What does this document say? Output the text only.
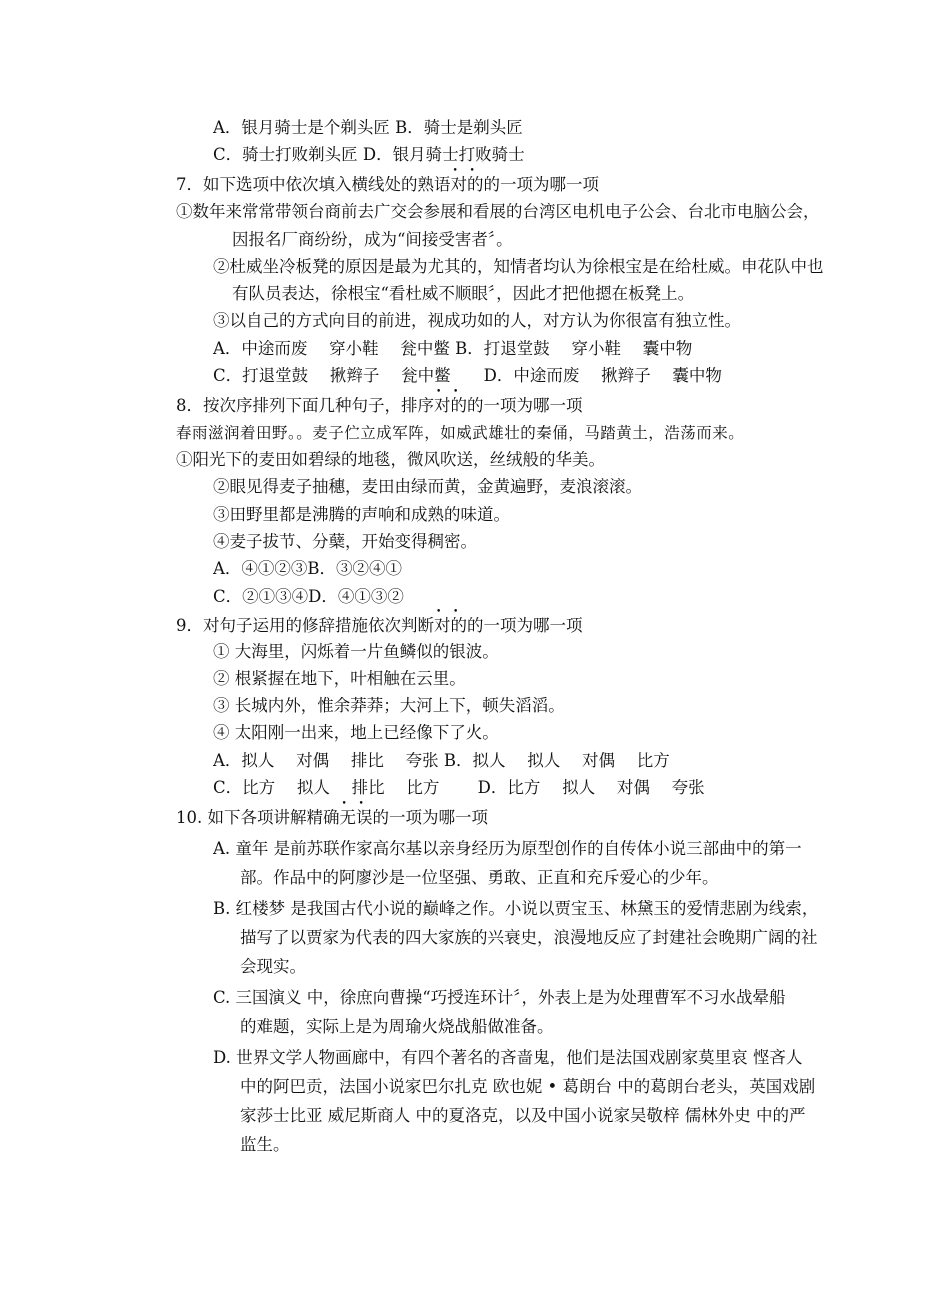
A．银月骑士是个剃头匠 B．骑士是剃头匠
C．骑士打败剃头匠 D．银月骑士打败骑士
7．如下选项中依次填入横线处的熟语
• •
对的的一项为哪一项
①数年来常常带领台商前去广交会参展和看展的台湾区电机电子公会、台北市电脑公会，
因报名厂商纷纷，成为“间接受害者〞。
②杜威坐冷板凳的原因是最为尤其的，知情者均认为徐根宝是在给杜威。申花队中也
有队员表达，徐根宝“看杜威不顺眼〞，因此才把他摁在板凳上。
③以自己的方式向目的前进，视成功如的人，对方认为你很富有独立性。
A．中途而废　 穿小鞋　 瓮中鳖 B．打退堂鼓　 穿小鞋　 囊中物
C．打退堂鼓　 揪辫子　 瓮中鳖　　D．中途而废　 揪辫子　 囊中物
8．按次序排列下面几种句子，排序
• •
对的的一项为哪一项
春雨滋润着田野。。麦子伫立成军阵，如威武雄壮的秦俑，马踏黄土，浩荡而来。
①阳光下的麦田如碧绿的地毯，微风吹送，丝绒般的华美。
②眼见得麦子抽穗，麦田由绿而黄，金黄遍野，麦浪滚滚。
③田野里都是沸腾的声响和成熟的味道。
④麦子拔节、分蘖，开始变得稠密。
A．④①②③B．③②④①
C．②①③④D．④①③②
9．对句子运用的修辞措施依次判断
• •
对的的一项为哪一项
① 大海里，闪烁着一片鱼鳞似的银波。
② 根紧握在地下，叶相触在云里。
③ 长城内外，惟余莽莽；大河上下，顿失滔滔。
④ 太阳刚一出来，地上已经像下了火。
A．拟人　 对偶　 排比　 夸张 B．拟人　 拟人　 对偶　 比方
C．比方　 拟人　 排比　 比方　　 D．比方　 拟人　 对偶　 夸张
10. 如下各项讲解精确
• •
无误的一项为哪一项
A. 童年 是前苏联作家高尔基以亲身经历为原型创作的自传体小说三部曲中的第一
部。作品中的阿廖沙是一位坚强、勇敢、正直和充斥爱心的少年。
B. 红楼梦 是我国古代小说的巅峰之作。小说以贾宝玉、林黛玉的爱情悲剧为线索，
描写了以贾家为代表的四大家族的兴衰史，浪漫地反应了封建社会晚期广阔的社
会现实。
C. 三国演义 中，徐庶向曹操“巧授连环计〞，外表上是为处理曹军不习水战晕船
的难题，实际上是为周瑜火烧战船做准备。
D. 世界文学人物画廊中，有四个著名的吝啬鬼，他们是法国戏剧家莫里哀 悭吝人
中的阿巴贡，法国小说家巴尔扎克 欧也妮 • 葛朗台 中的葛朗台老头，英国戏剧
家莎士比亚 威尼斯商人 中的夏洛克，以及中国小说家吴敬梓 儒林外史 中的严
监生。
